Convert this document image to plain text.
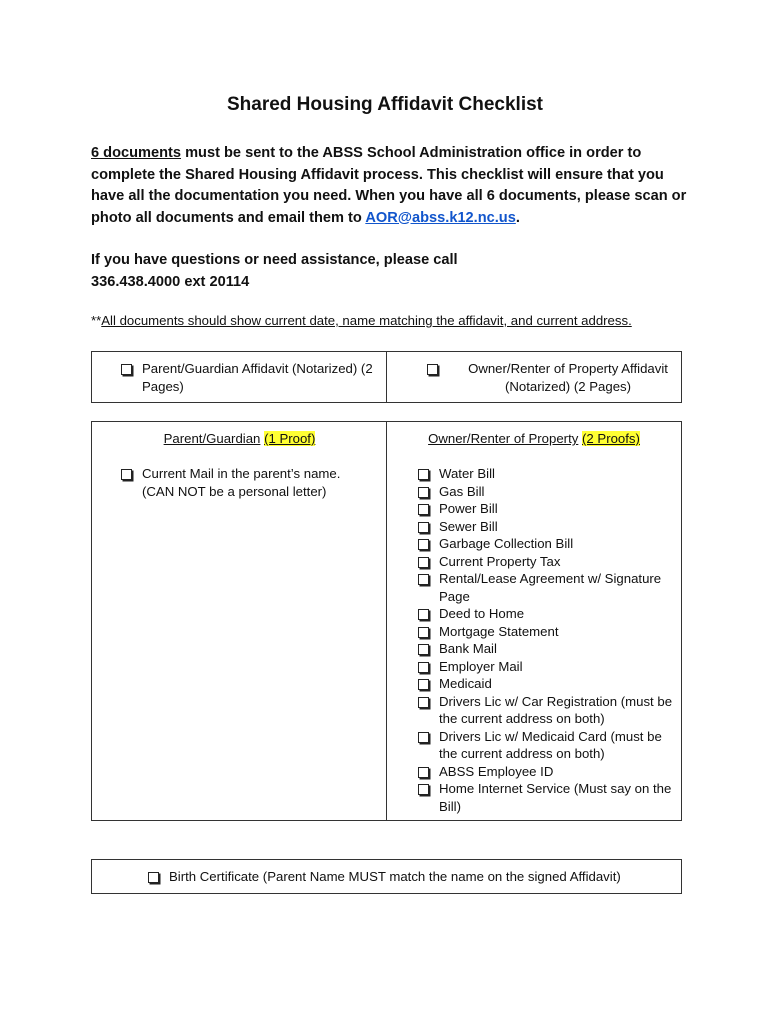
Shared Housing Affidavit Checklist
6 documents must be sent to the ABSS School Administration office in order to complete the Shared Housing Affidavit process. This checklist will ensure that you have all the documentation you need. When you have all 6 documents, please scan or photo all documents and email them to AOR@abss.k12.nc.us.
If you have questions or need assistance, please call
336.438.4000 ext 20114
**All documents should show current date, name matching the affidavit, and current address.
Parent/Guardian Affidavit (Notarized) (2 Pages)
Owner/Renter of Property Affidavit (Notarized) (2 Pages)
Parent/Guardian (1 Proof)
Current Mail in the parent’s name. (CAN NOT be a personal letter)
Owner/Renter of Property (2 Proofs)
Water Bill
Gas Bill
Power Bill
Sewer Bill
Garbage Collection Bill
Current Property Tax
Rental/Lease Agreement w/ Signature Page
Deed to Home
Mortgage Statement
Bank Mail
Employer Mail
Medicaid
Drivers Lic w/ Car Registration (must be the current address on both)
Drivers Lic w/ Medicaid Card (must be the current address on both)
ABSS Employee ID
Home Internet Service (Must say on the Bill)
Birth Certificate (Parent Name MUST match the name on the signed Affidavit)
